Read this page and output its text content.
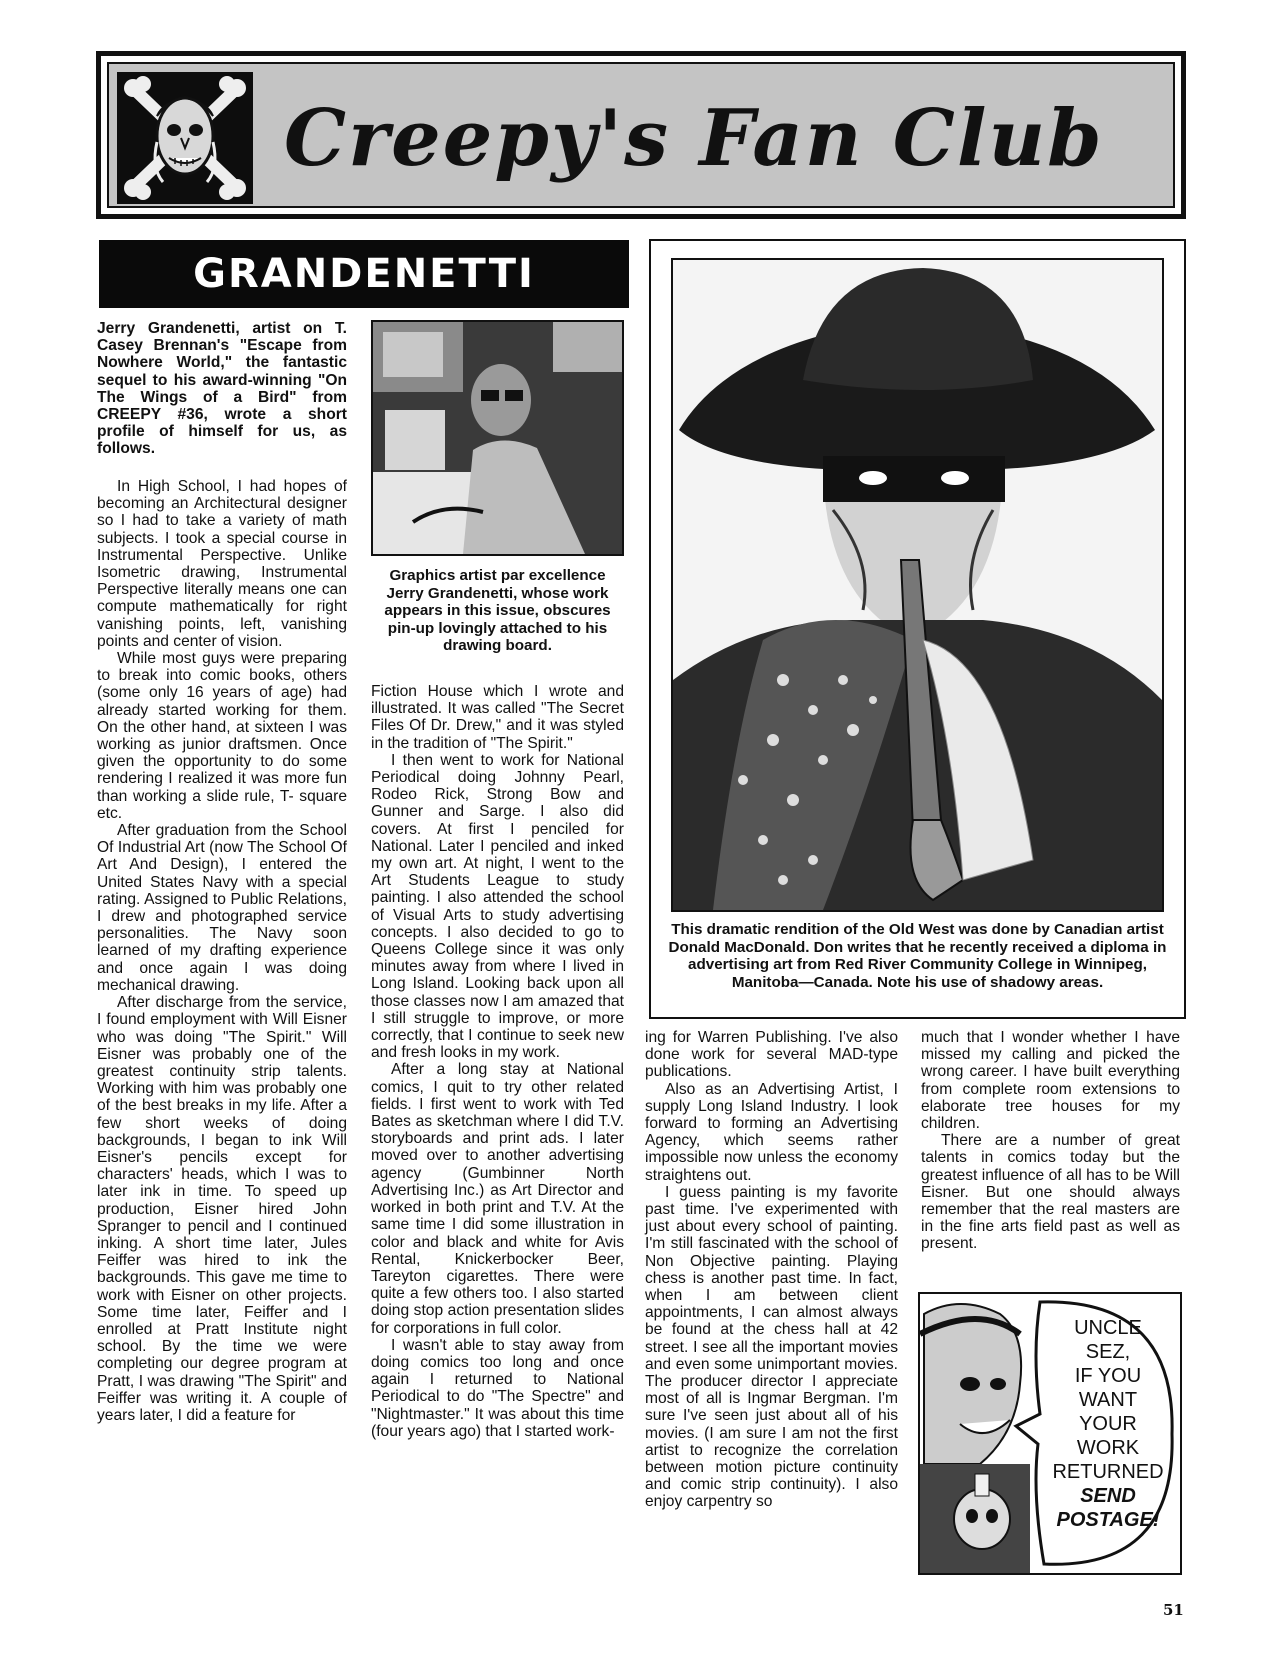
Creepy's Fan Club
GRANDENETTI

Jerry Grandenetti, artist on T. Casey Brennan's "Escape from Nowhere World," the fantastic sequel to his award-winning "On The Wings of a Bird" from CREEPY #36, wrote a short profile of himself for us, as follows.

In High School, I had hopes of becoming an Architectural designer so I had to take a variety of math subjects. I took a special course in Instrumental Perspective. Unlike Isometric drawing, Instrumental Perspective literally means one can compute mathematically for right vanishing points, left, vanishing points and center of vision.

While most guys were preparing to break into comic books, others (some only 16 years of age) had already started working for them. On the other hand, at sixteen I was working as junior draftsmen. Once given the opportunity to do some rendering I realized it was more fun than working a slide rule, T- square etc.

After graduation from the School Of Industrial Art (now The School Of Art And Design), I entered the United States Navy with a special rating. Assigned to Public Relations, I drew and photographed service personalities. The Navy soon learned of my drafting experience and once again I was doing mechanical drawing.

After discharge from the service, I found employment with Will Eisner who was doing "The Spirit." Will Eisner was probably one of the greatest continuity strip talents. Working with him was probably one of the best breaks in my life. After a few short weeks of doing backgrounds, I began to ink Will Eisner's pencils except for characters' heads, which I was to later ink in time. To speed up production, Eisner hired John Spranger to pencil and I continued inking. A short time later, Jules Feiffer was hired to ink the backgrounds. This gave me time to work with Eisner on other projects. Some time later, Feiffer and I enrolled at Pratt Institute night school. By the time we were completing our degree program at Pratt, I was drawing "The Spirit" and Feiffer was writing it. A couple of years later, I did a feature for

Graphics artist par excellence Jerry Grandenetti, whose work appears in this issue, obscures pin-up lovingly attached to his drawing board.

Fiction House which I wrote and illustrated. It was called "The Secret Files Of Dr. Drew," and it was styled in the tradition of "The Spirit."

I then went to work for National Periodical doing Johnny Pearl, Rodeo Rick, Strong Bow and Gunner and Sarge. I also did covers. At first I penciled for National. Later I penciled and inked my own art. At night, I went to the Art Students League to study painting. I also attended the school of Visual Arts to study advertising concepts. I also decided to go to Queens College since it was only minutes away from where I lived in Long Island. Looking back upon all those classes now I am amazed that I still struggle to improve, or more correctly, that I continue to seek new and fresh looks in my work.

After a long stay at National comics, I quit to try other related fields. I first went to work with Ted Bates as sketchman where I did T.V. storyboards and print ads. I later moved over to another advertising agency (Gumbinner North Advertising Inc.) as Art Director and worked in both print and T.V. At the same time I did some illustration in color and black and white for Avis Rental, Knickerbocker Beer, Tareyton cigarettes. There were quite a few others too. I also started doing stop action presentation slides for corporations in full color.

I wasn't able to stay away from doing comics too long and once again I returned to National Periodical to do "The Spectre" and "Nightmaster." It was about this time (four years ago) that I started work-

This dramatic rendition of the Old West was done by Canadian artist Donald MacDonald. Don writes that he recently received a diploma in advertising art from Red River Community College in Winnipeg, Manitoba—Canada. Note his use of shadowy areas.

ing for Warren Publishing. I've also done work for several MAD-type publications.

Also as an Advertising Artist, I supply Long Island Industry. I look forward to forming an Advertising Agency, which seems rather impossible now unless the economy straightens out.

I guess painting is my favorite past time. I've experimented with just about every school of painting. I'm still fascinated with the school of Non Objective painting. Playing chess is another past time. In fact, when I am between client appointments, I can almost always be found at the chess hall at 42 street. I see all the important movies and even some unimportant movies. The producer director I appreciate most of all is Ingmar Bergman. I'm sure I've seen just about all of his movies. (I am sure I am not the first artist to recognize the correlation between motion picture continuity and comic strip continuity). I also enjoy carpentry so

much that I wonder whether I have missed my calling and picked the wrong career. I have built everything from complete room extensions to elaborate tree houses for my children.

There are a number of great talents in comics today but the greatest influence of all has to be Will Eisner. But one should always remember that the real masters are in the fine arts field past as well as present.

UNCLE
SEZ,
IF YOU
WANT
YOUR
WORK
RETURNED
SEND
POSTAGE!
51
